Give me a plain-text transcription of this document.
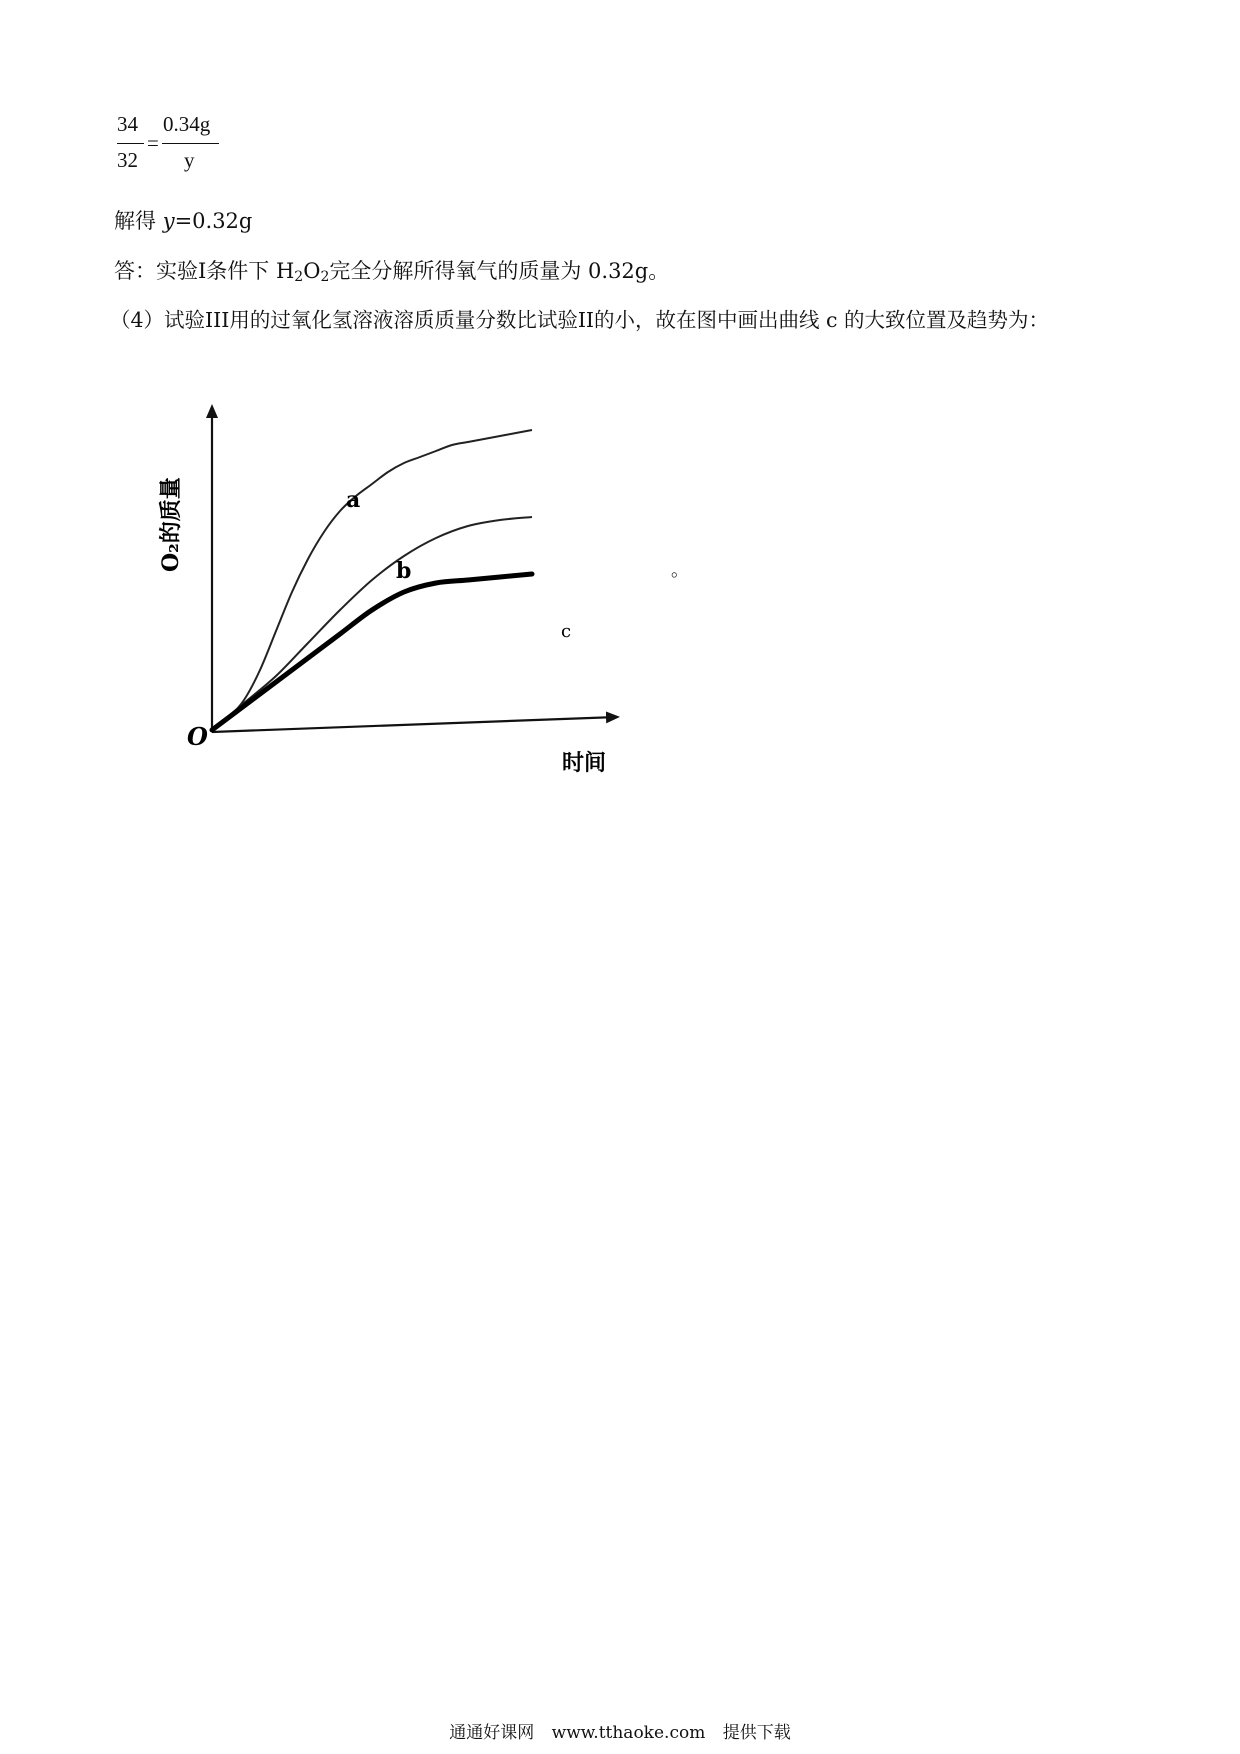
34
32
=
0.34g
y
解得 y=0.32g
答：实验I条件下 $H_2O_2$完全分解所得氧气的质量为 0.32g。
（4）试验III用的过氧化氢溶液溶质质量分数比试验II的小，故在图中画出曲线 c 的大致位置及趋势为：
。
O
时间
O₂的质量	a
b
c
通通好课网 www.tthaoke.com 提供下载
